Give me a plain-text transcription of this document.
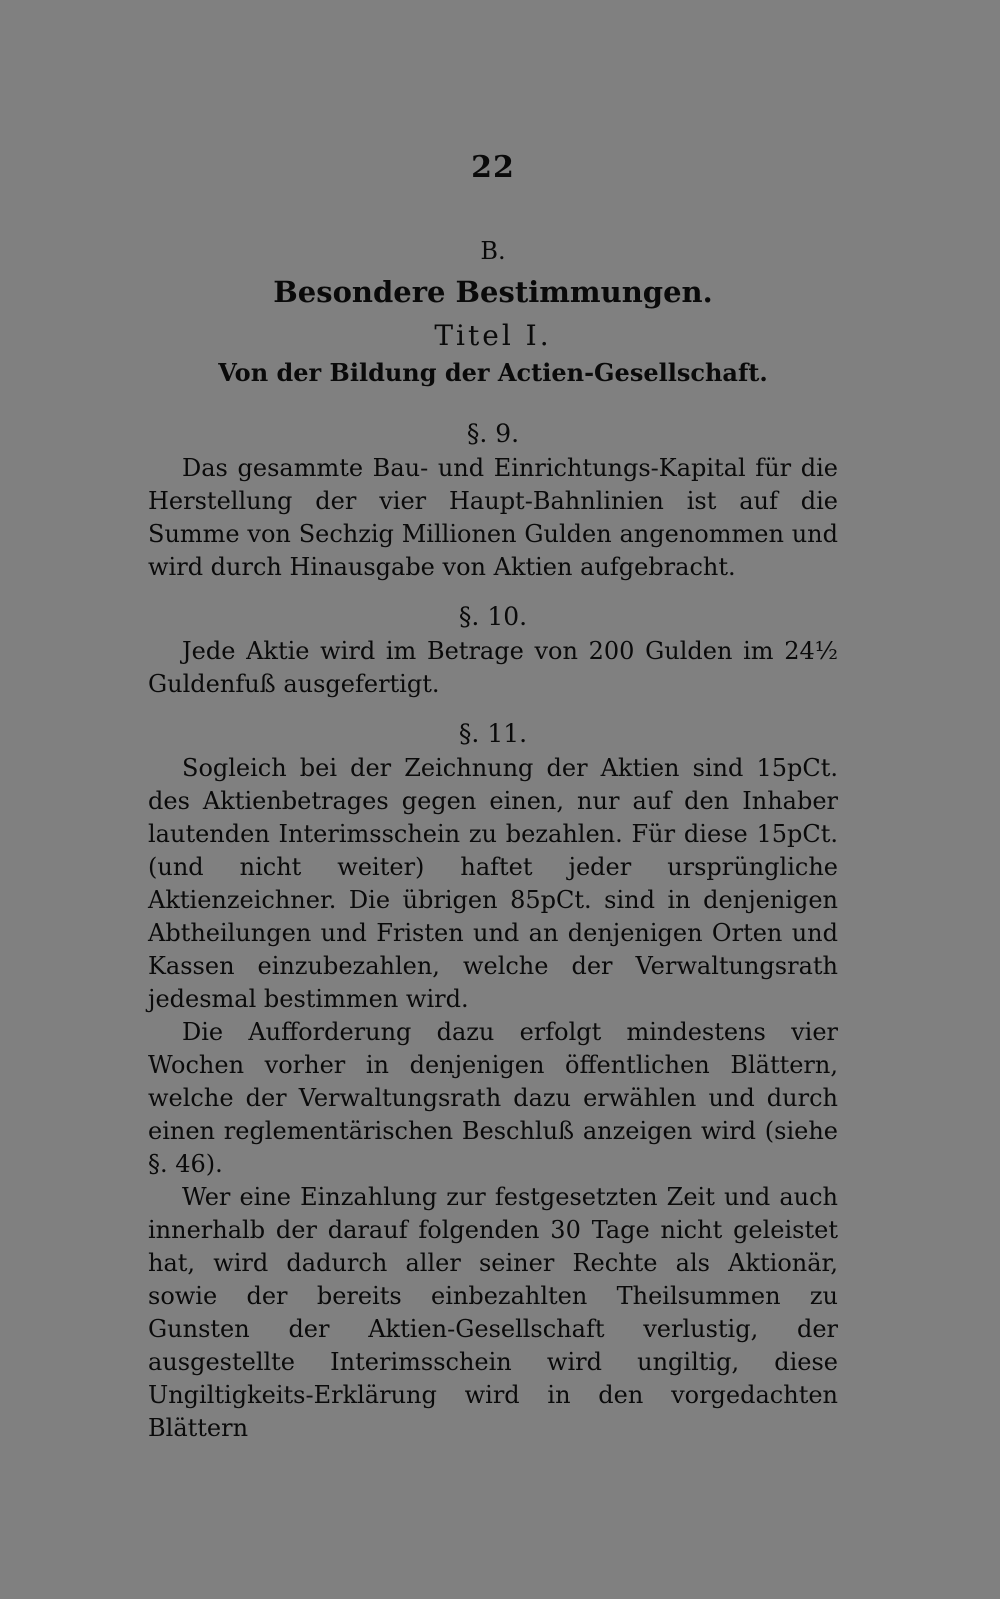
22
B.
Besondere Bestimmungen.
Titel I.
Von der Bildung der Actien-Gesellschaft.
§. 9.

Das gesammte Bau- und Einrichtungs-Kapital für die Herstellung der vier Haupt-Bahnlinien ist auf die Summe von Sechzig Millionen Gulden angenommen und wird durch Hinausgabe von Aktien aufgebracht.

§. 10.

Jede Aktie wird im Betrage von 200 Gulden im 24½ Guldenfuß ausgefertigt.

§. 11.

Sogleich bei der Zeichnung der Aktien sind 15pCt. des Aktienbetrages gegen einen, nur auf den Inhaber lautenden Interimsschein zu bezahlen. Für diese 15pCt. (und nicht weiter) haftet jeder ursprüngliche Aktienzeichner. Die übrigen 85pCt. sind in denjenigen Abtheilungen und Fristen und an denjenigen Orten und Kassen einzubezahlen, welche der Verwaltungsrath jedesmal bestimmen wird.

Die Aufforderung dazu erfolgt mindestens vier Wochen vorher in denjenigen öffentlichen Blättern, welche der Verwaltungsrath dazu erwählen und durch einen reglementärischen Beschluß anzeigen wird (siehe §. 46).

Wer eine Einzahlung zur festgesetzten Zeit und auch innerhalb der darauf folgenden 30 Tage nicht geleistet hat, wird dadurch aller seiner Rechte als Aktionär, sowie der bereits einbezahlten Theilsummen zu Gunsten der Aktien-Gesellschaft verlustig, der ausgestellte Interimsschein wird ungiltig, diese Ungiltigkeits-Erklärung wird in den vorgedachten Blättern
